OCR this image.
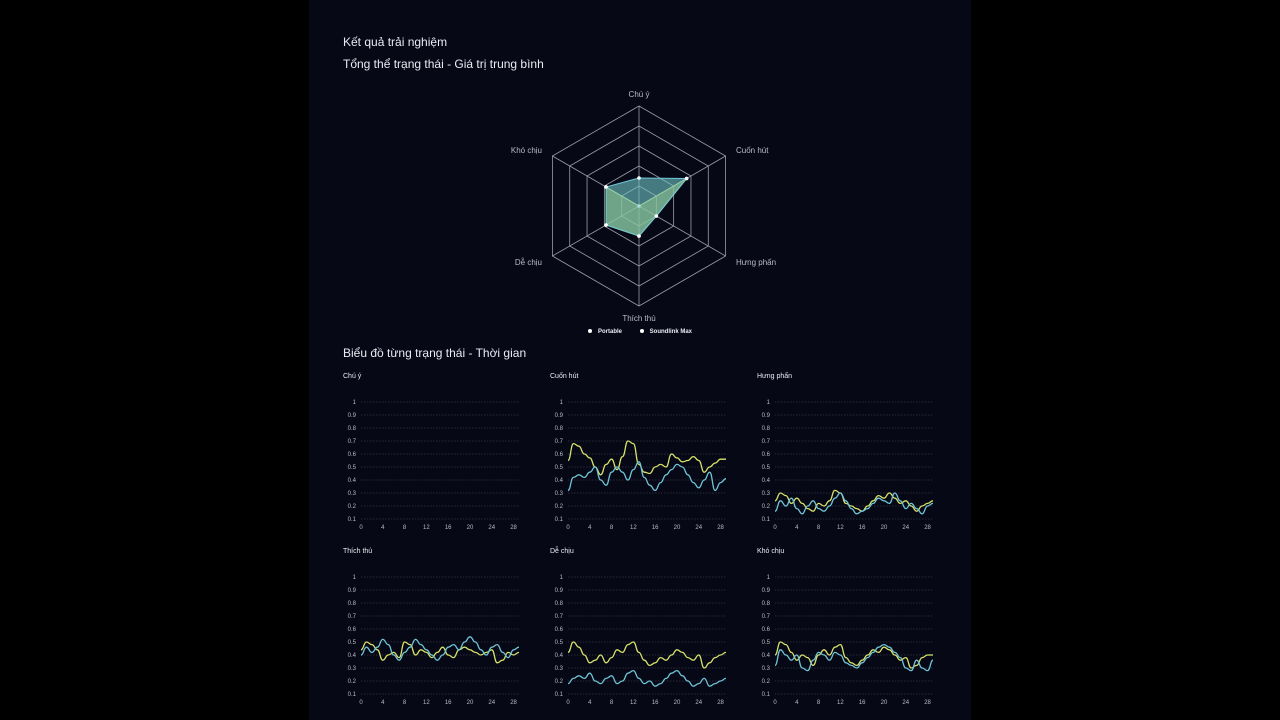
Kết quả trải nghiệm
Tổng thể trạng thái - Giá trị trung bình
Chú ý
Cuốn hút
Hưng phấn
Thích thú
Dễ chịu
Khó chịu
Portable	Soundlink Max
Biểu đồ từng trạng thái - Thời gian
Chú ý
0.1
0.2
0.3
0.4
0.5
0.6
0.7
0.8
0.9
1
0	4	8	12	16	20	24	28
Cuốn hút
0.1
0.2
0.3
0.4
0.5
0.6
0.7
0.8
0.9
1
0	4	8	12	16	20	24	28
Hưng phấn
0.1
0.2
0.3
0.4
0.5
0.6
0.7
0.8
0.9
1
0	4	8	12	16	20	24	28
Thích thú
0.1
0.2
0.3
0.4
0.5
0.6
0.7
0.8
0.9
1
0	4	8	12	16	20	24	28
Dễ chịu
0.1
0.2
0.3
0.4
0.5
0.6
0.7
0.8
0.9
1
0	4	8	12	16	20	24	28
Khó chịu
0.1
0.2
0.3
0.4
0.5
0.6
0.7
0.8
0.9
1
0	4	8	12	16	20	24	28
